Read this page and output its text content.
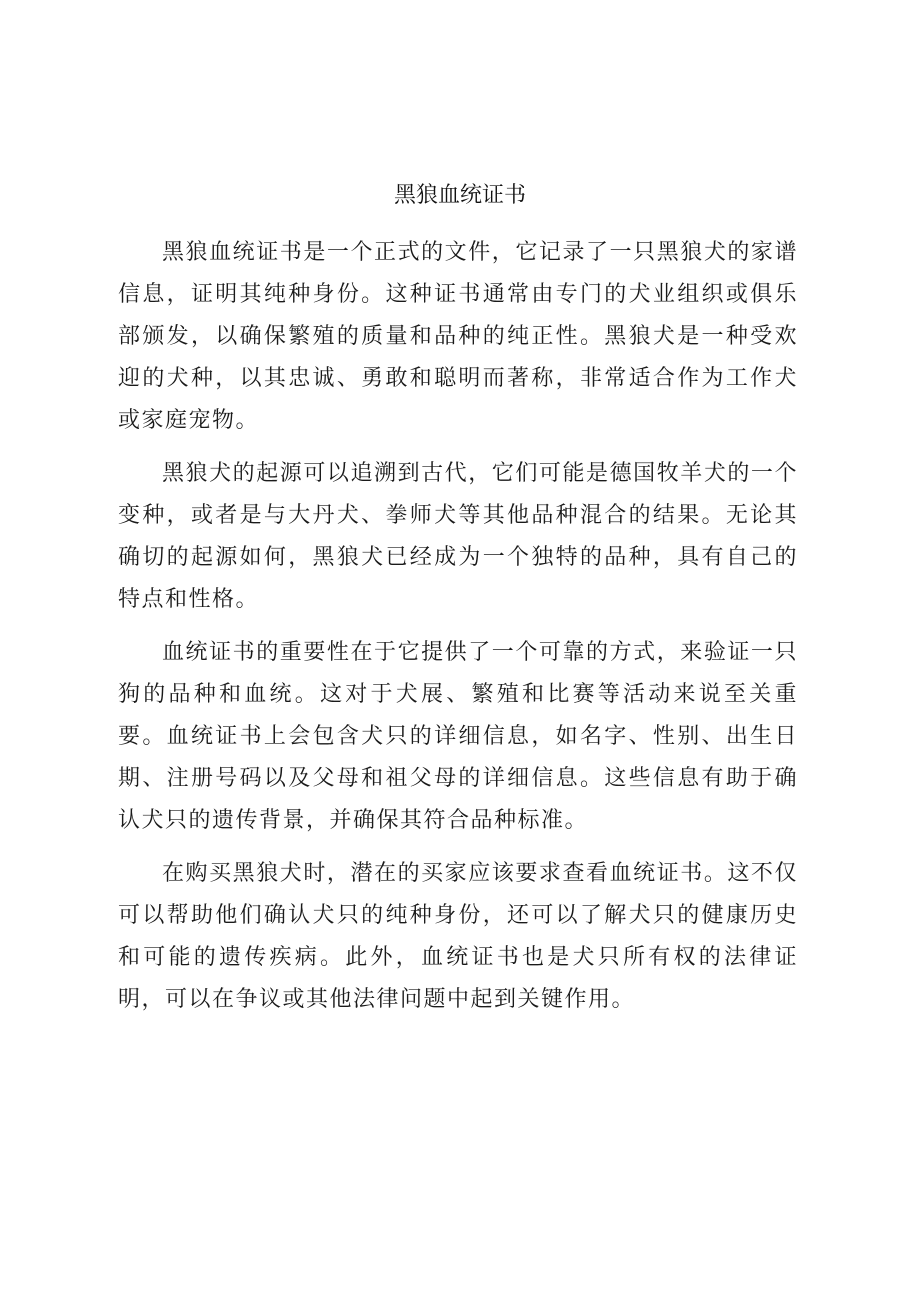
黑狼血统证书

黑狼血统证书是一个正式的文件，它记录了一只黑狼犬的家谱信息，证明其纯种身份。这种证书通常由专门的犬业组织或俱乐部颁发，以确保繁殖的质量和品种的纯正性。黑狼犬是一种受欢迎的犬种，以其忠诚、勇敢和聪明而著称，非常适合作为工作犬或家庭宠物。

黑狼犬的起源可以追溯到古代，它们可能是德国牧羊犬的一个变种，或者是与大丹犬、拳师犬等其他品种混合的结果。无论其确切的起源如何，黑狼犬已经成为一个独特的品种，具有自己的特点和性格。

血统证书的重要性在于它提供了一个可靠的方式，来验证一只狗的品种和血统。这对于犬展、繁殖和比赛等活动来说至关重要。血统证书上会包含犬只的详细信息，如名字、性别、出生日期、注册号码以及父母和祖父母的详细信息。这些信息有助于确认犬只的遗传背景，并确保其符合品种标准。

在购买黑狼犬时，潜在的买家应该要求查看血统证书。这不仅可以帮助他们确认犬只的纯种身份，还可以了解犬只的健康历史和可能的遗传疾病。此外，血统证书也是犬只所有权的法律证明，可以在争议或其他法律问题中起到关键作用。
